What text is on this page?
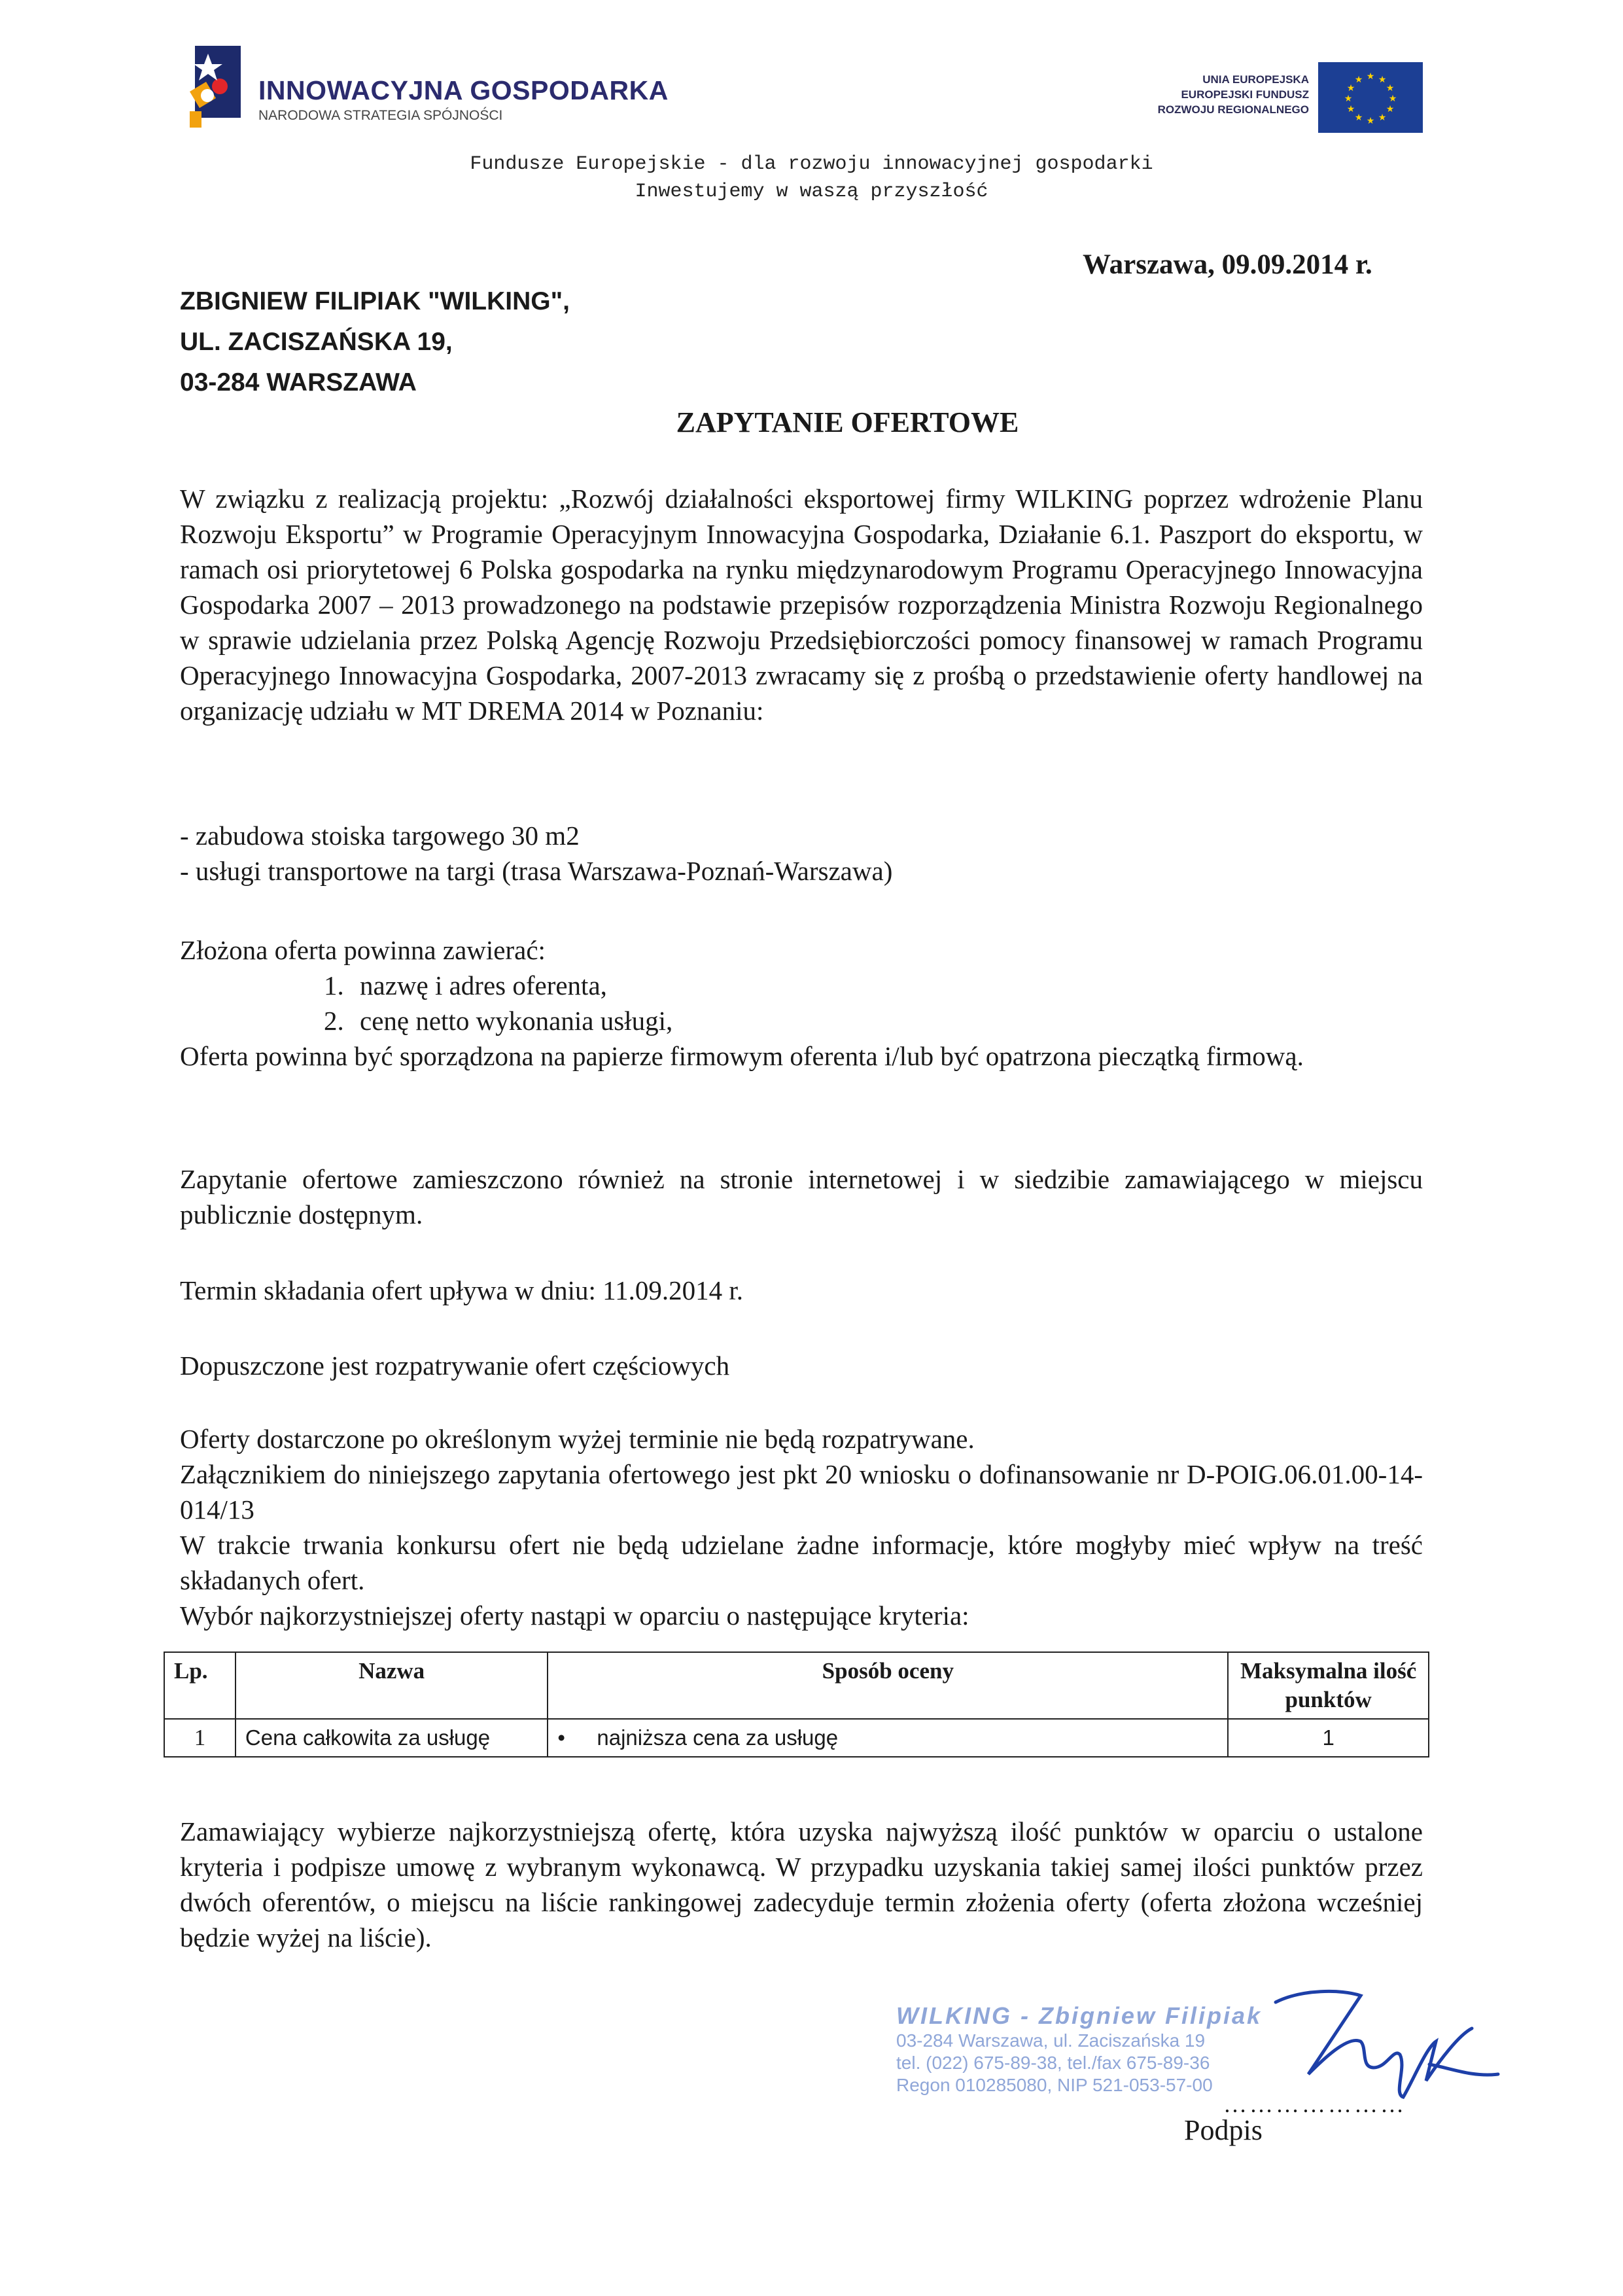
INNOWACYJNA GOSPODARKA
NARODOWA STRATEGIA SPÓJNOŚCI
UNIA EUROPEJSKA
EUROPEJSKI FUNDUSZ
ROZWOJU REGIONALNEGO
★ ★
★
★
★
★
★
★
★
★
★
★
Fundusze Europejskie - dla rozwoju innowacyjnej gospodarki
Inwestujemy w waszą przyszłość
Warszawa, 09.09.2014 r.
ZBIGNIEW FILIPIAK "WILKING",
UL. ZACISZAŃSKA 19,
03-284 WARSZAWA
ZAPYTANIE OFERTOWE
W związku z realizacją projektu: „Rozwój działalności eksportowej firmy WILKING poprzez wdrożenie Planu Rozwoju Eksportu” w Programie Operacyjnym Innowacyjna Gospodarka, Działanie 6.1. Paszport do eksportu, w ramach osi priorytetowej 6 Polska gospodarka na rynku międzynarodowym Programu Operacyjnego Innowacyjna Gospodarka 2007 – 2013 prowadzonego na podstawie przepisów rozporządzenia Ministra Rozwoju Regionalnego w sprawie udzielania przez Polską Agencję Rozwoju Przedsiębiorczości pomocy finansowej w ramach Programu Operacyjnego Innowacyjna Gospodarka, 2007-2013 zwracamy się z prośbą o przedstawienie oferty handlowej na organizację udziału w MT DREMA 2014 w Poznaniu:
- zabudowa stoiska targowego 30 m2
- usługi transportowe na targi (trasa Warszawa-Poznań-Warszawa)
Złożona oferta powinna zawierać:
1. nazwę i adres oferenta,
2. cenę netto wykonania usługi,
Oferta powinna być sporządzona na papierze firmowym oferenta i/lub być opatrzona pieczątką firmową.
Zapytanie ofertowe zamieszczono również na stronie internetowej i w siedzibie zamawiającego w miejscu publicznie dostępnym.
Termin składania ofert upływa w dniu: 11.09.2014 r.
Dopuszczone jest rozpatrywanie ofert częściowych
Oferty dostarczone po określonym wyżej terminie nie będą rozpatrywane.
Załącznikiem do niniejszego zapytania ofertowego jest pkt 20 wniosku o dofinansowanie nr D-POIG.06.01.00-14-014/13
W trakcie trwania konkursu ofert nie będą udzielane żadne informacje, które mogłyby mieć wpływ na treść składanych ofert.
Wybór najkorzystniejszej oferty nastąpi w oparciu o następujące kryteria:
Lp.	Nazwa	Sposób oceny	Maksymalna ilość punktów
1	Cena całkowita za usługę	• najniższa cena za usługę	1
Zamawiający wybierze najkorzystniejszą ofertę, która uzyska najwyższą ilość punktów w oparciu o ustalone kryteria i podpisze umowę z wybranym wykonawcą. W przypadku uzyskania takiej samej ilości punktów przez dwóch oferentów, o miejscu na liście rankingowej zadecyduje termin złożenia oferty (oferta złożona wcześniej będzie wyżej na liście).
WILKING - Zbigniew Filipiak
03-284 Warszawa, ul. Zaciszańska 19
tel. (022) 675-89-38, tel./fax 675-89-36
Regon 010285080, NIP 521-053-57-00
…………………
Podpis
